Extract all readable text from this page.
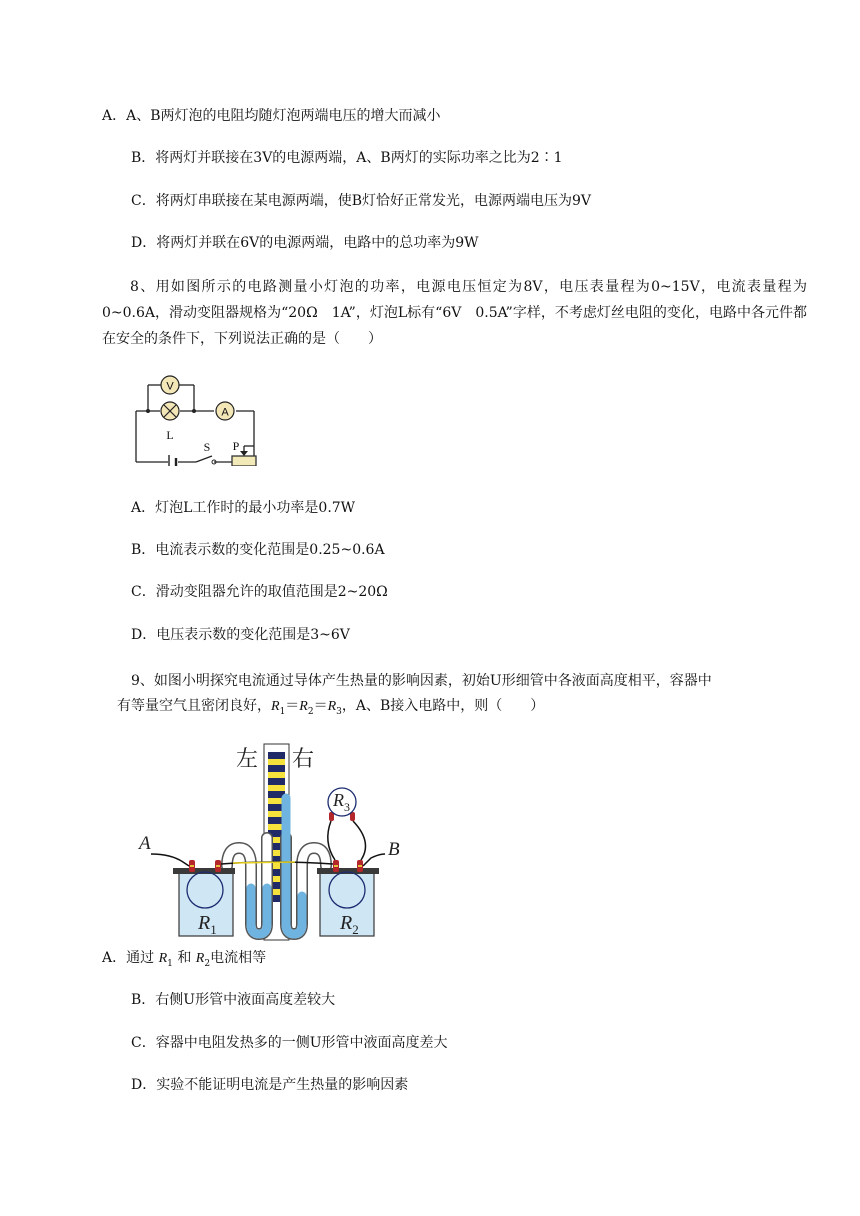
A．A、B两灯泡的电阻均随灯泡两端电压的增大而减小
B．将两灯并联接在3V的电源两端，A、B两灯的实际功率之比为2∶1
C．将两灯串联接在某电源两端，使B灯恰好正常发光，电源两端电压为9V
D．将两灯并联在6V的电源两端，电路中的总功率为9W
8、用如图所示的电路测量小灯泡的功率，电源电压恒定为8V，电压表量程为0~15V，电流表量程为0~0.6A，滑动变阻器规格为“20Ω　1A”，灯泡L标有“6V　0.5A”字样，不考虑灯丝电阻的变化，电路中各元件都在安全的条件下，下列说法正确的是（　　）
V
A
L
S P
A．灯泡L工作时的最小功率是0.7W
B．电流表示数的变化范围是0.25~0.6A
C．滑动变阻器允许的取值范围是2~20Ω
D．电压表示数的变化范围是3~6V
9、如图小明探究电流通过导体产生热量的影响因素，初始U形细管中各液面高度相平，容器中
有等量空气且密闭良好，$R_1=R_2=R_3$，A、B接入电路中，则（　　）
左 右
A	B
$R_1$	$R_2$
$R_3$
A．通过 $R_1$ 和 $R_2$电流相等
B．右侧U形管中液面高度差较大
C．容器中电阻发热多的一侧U形管中液面高度差大
D．实验不能证明电流是产生热量的影响因素
